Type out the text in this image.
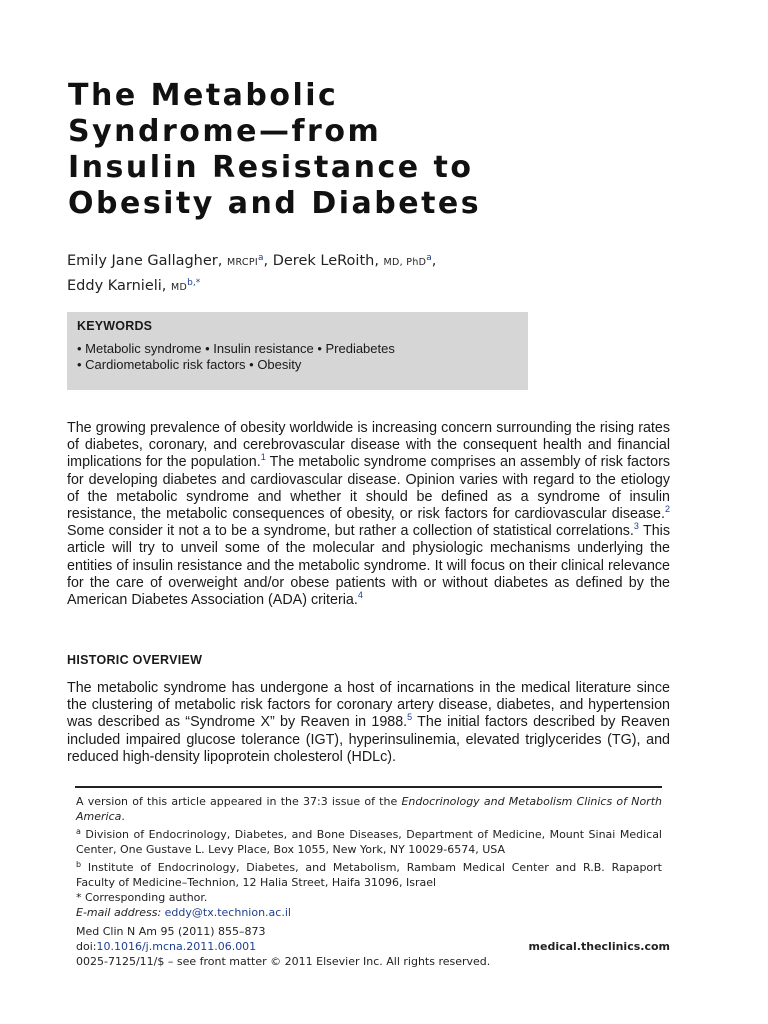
The Metabolic
Syndrome—from
Insulin Resistance to
Obesity and Diabetes
Emily Jane Gallagher, MRCPI$^a$, Derek LeRoith, MD, PhD$^a$,
Eddy Karnieli, MD$^{b,*}$
KEYWORDS
• Metabolic syndrome • Insulin resistance • Prediabetes
• Cardiometabolic risk factors • Obesity

The growing prevalence of obesity worldwide is increasing concern surrounding the rising rates of diabetes, coronary, and cerebrovascular disease with the consequent health and financial implications for the population.$^1$ The metabolic syndrome comprises an assembly of risk factors for developing diabetes and cardiovascular disease. Opinion varies with regard to the etiology of the metabolic syndrome and whether it should be defined as a syndrome of insulin resistance, the metabolic consequences of obesity, or risk factors for cardiovascular disease.$^2$ Some consider it not a to be a syndrome, but rather a collection of statistical correlations.$^3$ This article will try to unveil some of the molecular and physiologic mechanisms underlying the entities of insulin resistance and the metabolic syndrome. It will focus on their clinical relevance for the care of overweight and/or obese patients with or without diabetes as defined by the American Diabetes Association (ADA) criteria.$^4$

HISTORIC OVERVIEW

The metabolic syndrome has undergone a host of incarnations in the medical literature since the clustering of metabolic risk factors for coronary artery disease, diabetes, and hypertension was described as “Syndrome X” by Reaven in 1988.$^5$ The initial factors described by Reaven included impaired glucose tolerance (IGT), hyperinsulinemia, elevated triglycerides (TG), and reduced high-density lipoprotein cholesterol (HDLc).

A version of this article appeared in the 37:3 issue of the Endocrinology and Metabolism Clinics of North America.

$^a$ Division of Endocrinology, Diabetes, and Bone Diseases, Department of Medicine, Mount Sinai Medical Center, One Gustave L. Levy Place, Box 1055, New York, NY 10029-6574, USA

$^b$ Institute of Endocrinology, Diabetes, and Metabolism, Rambam Medical Center and R.B. Rapaport Faculty of Medicine–Technion, 12 Halia Street, Haifa 31096, Israel

* Corresponding author.

E-mail address: eddy@tx.technion.ac.il

Med Clin N Am 95 (2011) 855–873
doi:10.1016/j.mcna.2011.06.001	medical.theclinics.com
0025-7125/11/$ – see front matter © 2011 Elsevier Inc. All rights reserved.
